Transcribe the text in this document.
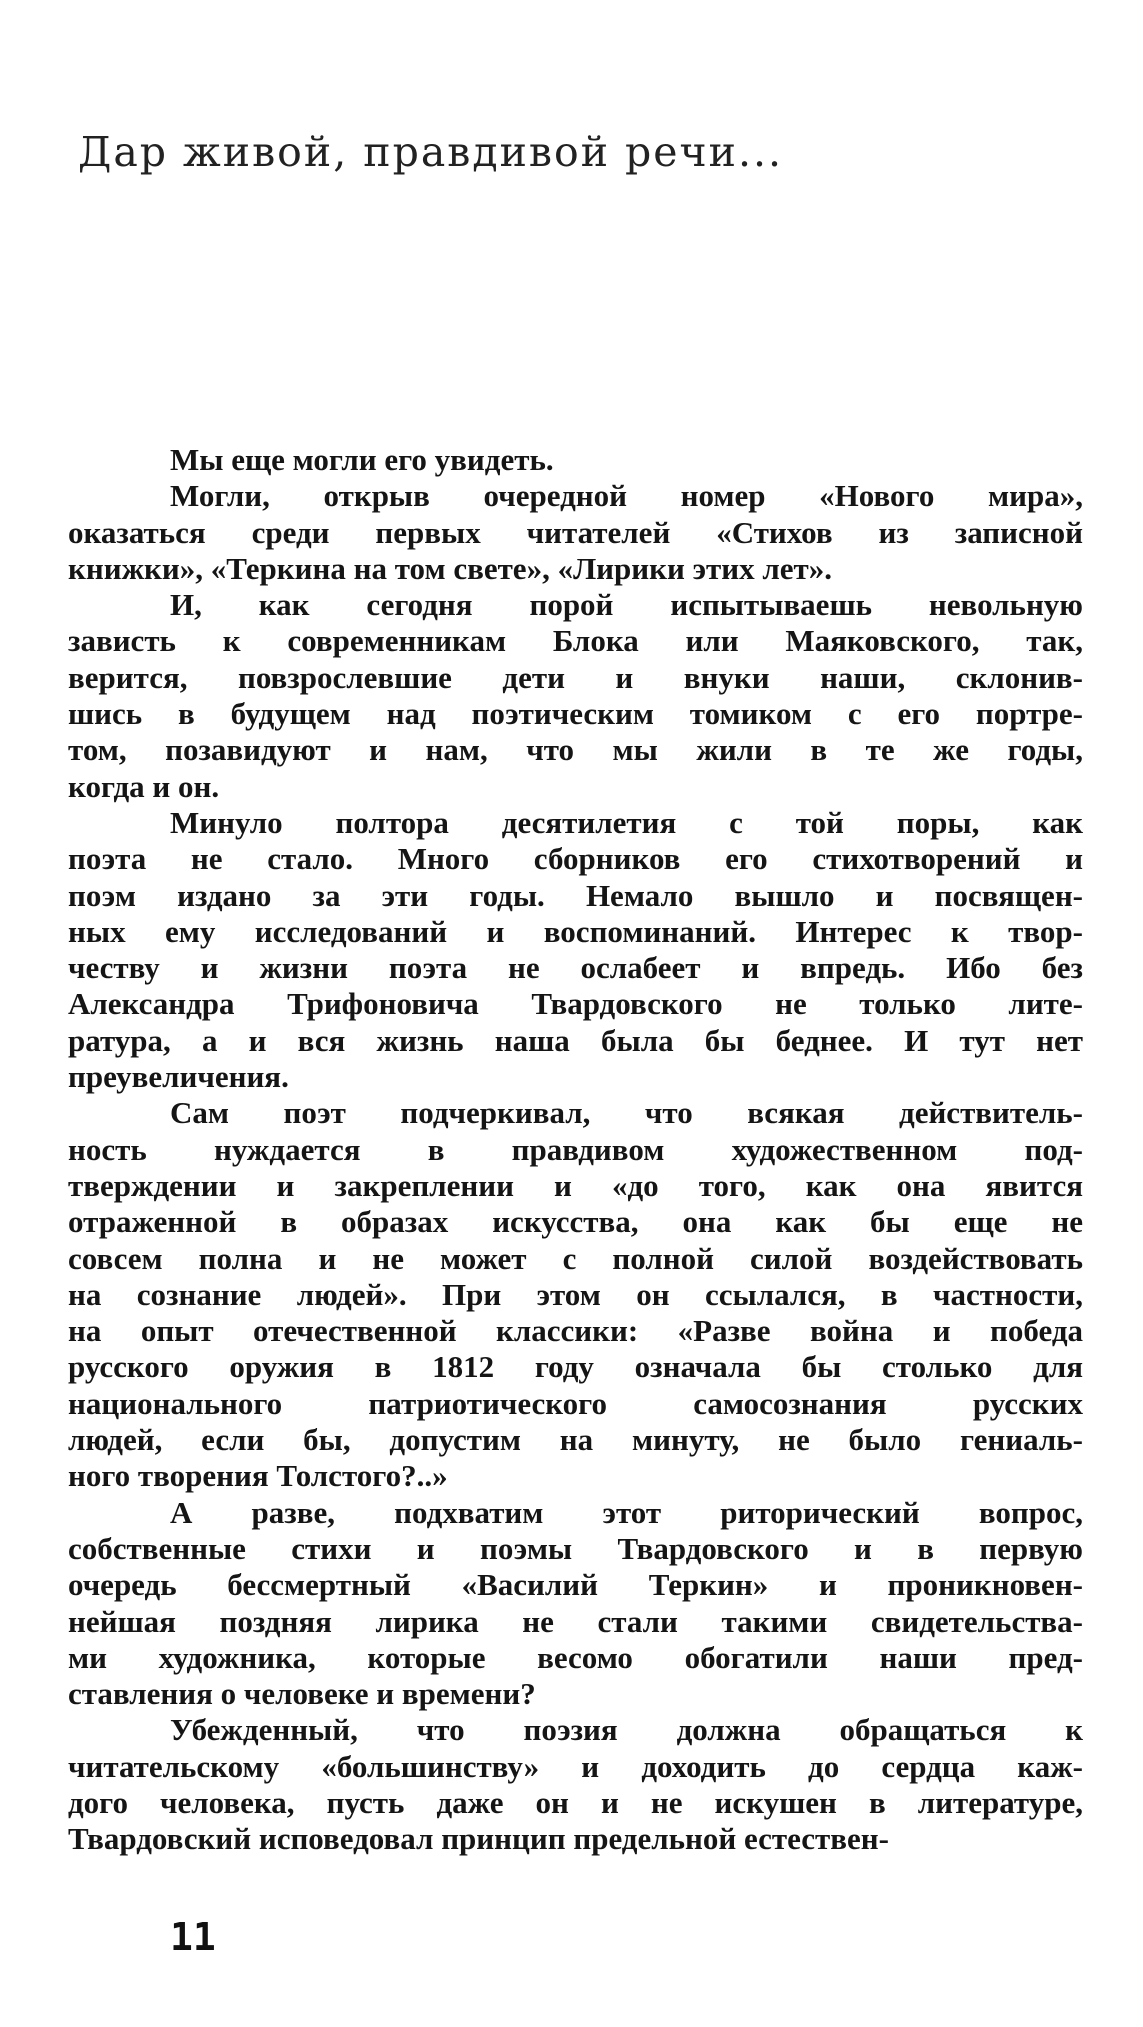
Дар живой, правдивой речи...
Мы еще могли его увидеть.
Могли, открыв очередной номер «Нового мира»,
оказаться среди первых читателей «Стихов из записной
книжки», «Теркина на том свете», «Лирики этих лет».
И, как сегодня порой испытываешь невольную
зависть к современникам Блока или Маяковского, так,
верится, повзрослевшие дети и внуки наши, склонив-
шись в будущем над поэтическим томиком с его портре-
том, позавидуют и нам, что мы жили в те же годы,
когда и он.
Минуло полтора десятилетия с той поры, как
поэта не стало. Много сборников его стихотворений и
поэм издано за эти годы. Немало вышло и посвящен-
ных ему исследований и воспоминаний. Интерес к твор-
честву и жизни поэта не ослабеет и впредь. Ибо без
Александра Трифоновича Твардовского не только лите-
ратура, а и вся жизнь наша была бы беднее. И тут нет
преувеличения.
Сам поэт подчеркивал, что всякая действитель-
ность нуждается в правдивом художественном под-
тверждении и закреплении и «до того, как она явится
отраженной в образах искусства, она как бы еще не
совсем полна и не может с полной силой воздействовать
на сознание людей». При этом он ссылался, в частности,
на опыт отечественной классики: «Разве война и победа
русского оружия в 1812 году означала бы столько для
национального патриотического самосознания русских
людей, если бы, допустим на минуту, не было гениаль-
ного творения Толстого?..»
А разве, подхватим этот риторический вопрос,
собственные стихи и поэмы Твардовского и в первую
очередь бессмертный «Василий Теркин» и проникновен-
нейшая поздняя лирика не стали такими свидетельства-
ми художника, которые весомо обогатили наши пред-
ставления о человеке и времени?
Убежденный, что поэзия должна обращаться к
читательскому «большинству» и доходить до сердца каж-
дого человека, пусть даже он и не искушен в литературе,
Твардовский исповедовал принцип предельной естествен-
11
